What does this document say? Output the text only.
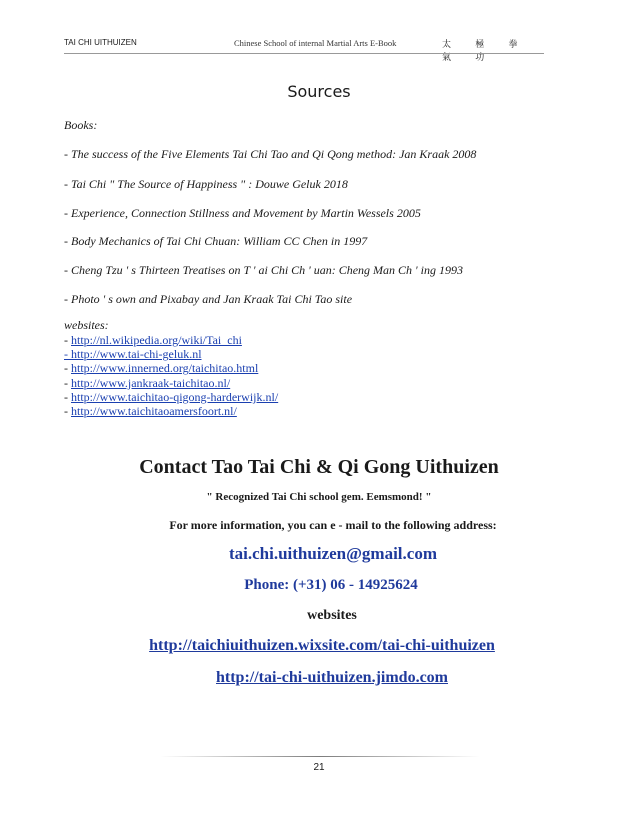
TAI CHI UITHUIZEN	Chinese School of internal Martial Arts E-Book	太 極 拳 氣 功
Sources
Books:
- The success of the Five Elements Tai Chi Tao and Qi Qong method: Jan Kraak 2008
- Tai Chi " The Source of Happiness " : Douwe Geluk 2018
- Experience, Connection Stillness and Movement by Martin Wessels 2005
- Body Mechanics of Tai Chi Chuan: William CC Chen in 1997
- Cheng Tzu ' s Thirteen Treatises on T ' ai Chi Ch ' uan: Cheng Man Ch ' ing 1993
- Photo ' s own and Pixabay and Jan Kraak Tai Chi Tao site
websites:
- http://nl.wikipedia.org/wiki/Tai_chi
- http://www.tai-chi-geluk.nl
- http://www.innerned.org/taichitao.html
- http://www.jankraak-taichitao.nl/
- http://www.taichitao-qigong-harderwijk.nl/
- http://www.taichitaoamersfoort.nl/
Contact Tao Tai Chi & Qi Gong Uithuizen
" Recognized Tai Chi school gem. Eemsmond! "
For more information, you can e - mail to the following address:
tai.chi.uithuizen@gmail.com
Phone: (+31) 06 - 14925624
websites
http://taichiuithuizen.wixsite.com/tai-chi-uithuizen
http://tai-chi-uithuizen.jimdo.com
21
